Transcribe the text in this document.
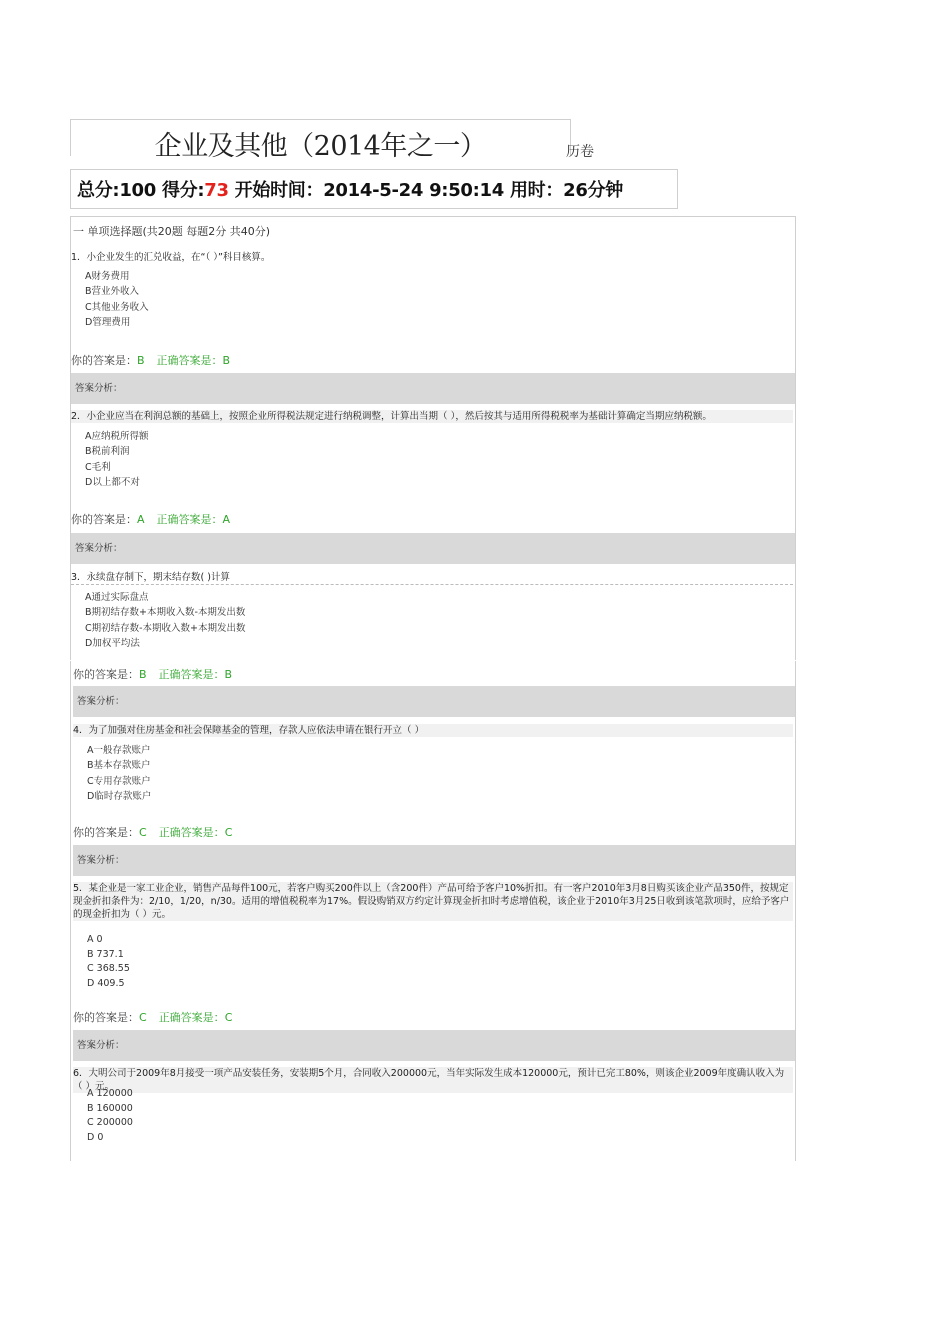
企业及其他（2014年之一）	历卷
总分:100 得分:73 开始时间：2014-5-24 9:50:14 用时：26分钟
一 单项选择题(共20题 每题2分 共40分)
1．小企业发生的汇兑收益，在“（ ）”科目核算。
A财务费用
B营业外收入
C其他业务收入
D管理费用
你的答案是：B 正确答案是：B
答案分析：
2．小企业应当在利润总额的基础上，按照企业所得税法规定进行纳税调整，计算出当期（ ），然后按其与适用所得税税率为基础计算确定当期应纳税额。
A应纳税所得额
B税前利润
C毛利
D以上都不对
你的答案是：A 正确答案是：A
答案分析：
3．永续盘存制下，期末结存数( )计算
A通过实际盘点
B期初结存数+本期收入数-本期发出数
C期初结存数-本期收入数+本期发出数
D加权平均法
你的答案是：B 正确答案是：B
答案分析：
4．为了加强对住房基金和社会保障基金的管理，存款人应依法申请在银行开立（ ）
A一般存款账户
B基本存款账户
C专用存款账户
D临时存款账户
你的答案是：C 正确答案是：C
答案分析：
5．某企业是一家工业企业，销售产品每件100元，若客户购买200件以上（含200件）产品可给予客户10%折扣。有一客户2010年3月8日购买该企业产品350件，按规定现金折扣条件为：2/10，1/20，n/30。适用的增值税税率为17%。假设购销双方约定计算现金折扣时考虑增值税，该企业于2010年3月25日收到该笔款项时，应给予客户的现金折扣为（ ）元。
A 0
B 737.1
C 368.55
D 409.5
你的答案是：C 正确答案是：C
答案分析：
6．大明公司于2009年8月接受一项产品安装任务，安装期5个月，合同收入200000元，当年实际发生成本120000元，预计已完工80%，则该企业2009年度确认收入为（ ）元。
A 120000
B 160000
C 200000
D 0
